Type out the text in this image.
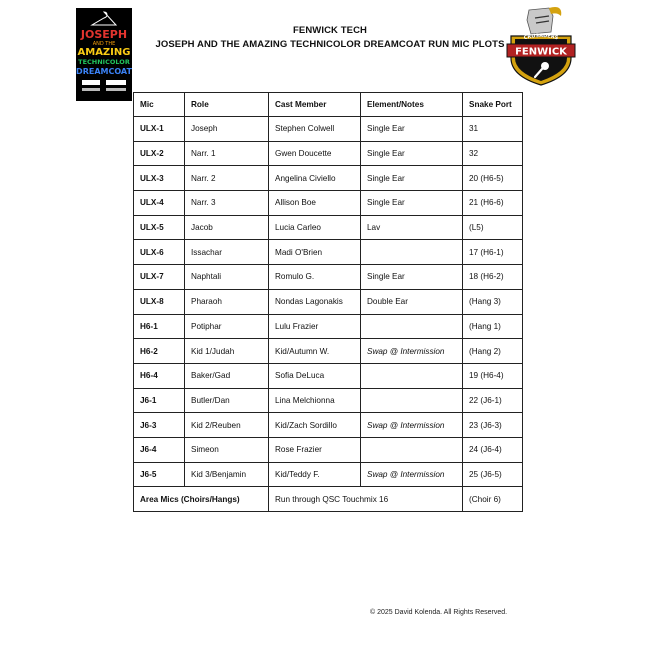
JOSEPH
AND THE
AMAZING
TECHNICOLOR
DREAMCOAT
FENWICK TECH
JOSEPH AND THE AMAZING TECHNICOLOR DREAMCOAT RUN MIC PLOTS
FENWICK
CRUSADERS
Mic	Role	Cast Member	Element/Notes	Snake Port
ULX-1	Joseph	Stephen Colwell	Single Ear	31
ULX-2	Narr. 1	Gwen Doucette	Single Ear	32
ULX-3	Narr. 2	Angelina Civiello	Single Ear	20 (H6-5)
ULX-4	Narr. 3	Allison Boe	Single Ear	21 (H6-6)
ULX-5	Jacob	Lucia Carleo	Lav	(L5)
ULX-6	Issachar	Madi O'Brien		17 (H6-1)
ULX-7	Naphtali	Romulo G.	Single Ear	18 (H6-2)
ULX-8	Pharaoh	Nondas Lagonakis	Double Ear	(Hang 3)
H6-1	Potiphar	Lulu Frazier		(Hang 1)
H6-2	Kid 1/Judah	Kid/Autumn W.	Swap @ Intermission	(Hang 2)
H6-4	Baker/Gad	Sofia DeLuca		19 (H6-4)
J6-1	Butler/Dan	Lina Melchionna		22 (J6-1)
J6-3	Kid 2/Reuben	Kid/Zach Sordillo	Swap @ Intermission	23 (J6-3)
J6-4	Simeon	Rose Frazier		24 (J6-4)
J6-5	Kid 3/Benjamin	Kid/Teddy F.	Swap @ Intermission	25 (J6-5)
Area Mics (Choirs/Hangs)		Run through QSC Touchmix 16		(Choir 6)
© 2025 David Kolenda. All Rights Reserved.
